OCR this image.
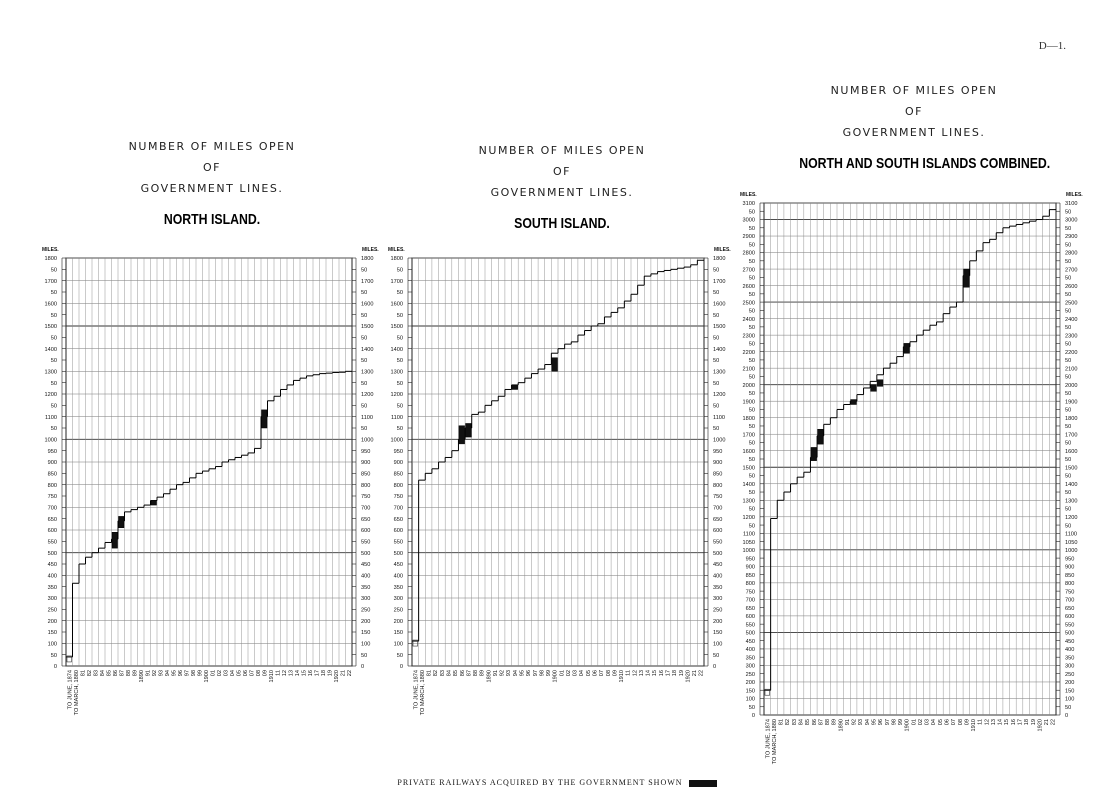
D—1.
NUMBER OF MILES OPEN
OF
GOVERNMENT LINES.
NORTH ISLAND.
NUMBER OF MILES OPEN
OF
GOVERNMENT LINES.
SOUTH ISLAND.
NUMBER OF MILES OPEN
OF
GOVERNMENT LINES.
NORTH AND SOUTH ISLANDS COMBINED.
0	0
50	50
100	100
150	150
200	200
250	250
300	300
350	350
400	400
450	450
500	500
550	550
600	600
650	650
700	700
750	750
800	800
850	850
900	900
950	950
1000	1000
50	50
1100	1100
50	50
1200	1200
50	50
1300	1300
50	50
1400	1400
50	50
1500	1500
50	50
1600	1600
50	50
1700	1700
50	50
1800	1800
MILES.	MILES.
TO JUNE, 1874 TO MARCH, 1880 81 82 83 84 85 86 87 88 89 1890 91 92 93 94 95 96 97 98 99 1900 01 02 03 04 05 06 07 08 09 1910 11 12 13 14 15 16 17 18 19 1920 21 22
0	0
50	50
100	100
150	150
200	200
250	250
300	300
350	350
400	400
450	450
500	500
550	550
600	600
650	650
700	700
750	750
800	800
850	850
900	900
950	950
1000	1000
50	50
1100	1100
50	50
1200	1200
50	50
1300	1300
50	50
1400	1400
50	50
1500	1500
50	50
1600	1600
50	50
1700	1700
50	50
1800	1800
MILES.	MILES.
TO JUNE, 1874 TO MARCH, 1880 81 82 83 84 85 86 87 88 89 1890 91 92 93 94 95 96 97 98 99 1900 01 02 03 04 05 06 07 08 09 1910 11 12 13 14 15 16 17 18 19 1920 21 22
0	0
50	50
100	100
150	150
200	200
250	250
300	300
350	350
400	400
450	450
500	500
550	550
600	600
650	650
700	700
750	750
800	800
850	850
900	900
950	950
1000	1000
1050	1050
1100	1100
50	50
1200	1200
50	50
1300	1300
50	50
1400	1400
50	50
1500	1500
50	50
1600	1600
50	50
1700	1700
50	50
1800	1800
50	50
1900	1900
50	50
2000	2000
50	50
2100	2100
50	50
2200	2200
50	50
2300	2300
50	50
2400	2400
50	50
2500	2500
50	50
2600	2600
50	50
2700	2700
50	50
2800	2800
50	50
2900	2900
50	50
3000	3000
50	50
3100	3100
MILES.	MILES.
TO JUNE, 1874 TO MARCH, 1880 81 82 83 84 85 86 87 88 89 1890 91 92 93 94 95 96 97 98 99 1900 01 02 03 04 05 06 07 08 09 1910 11 12 13 14 15 16 17 18 19 1920 21 22
PRIVATE RAILWAYS ACQUIRED BY THE GOVERNMENT SHOWN
